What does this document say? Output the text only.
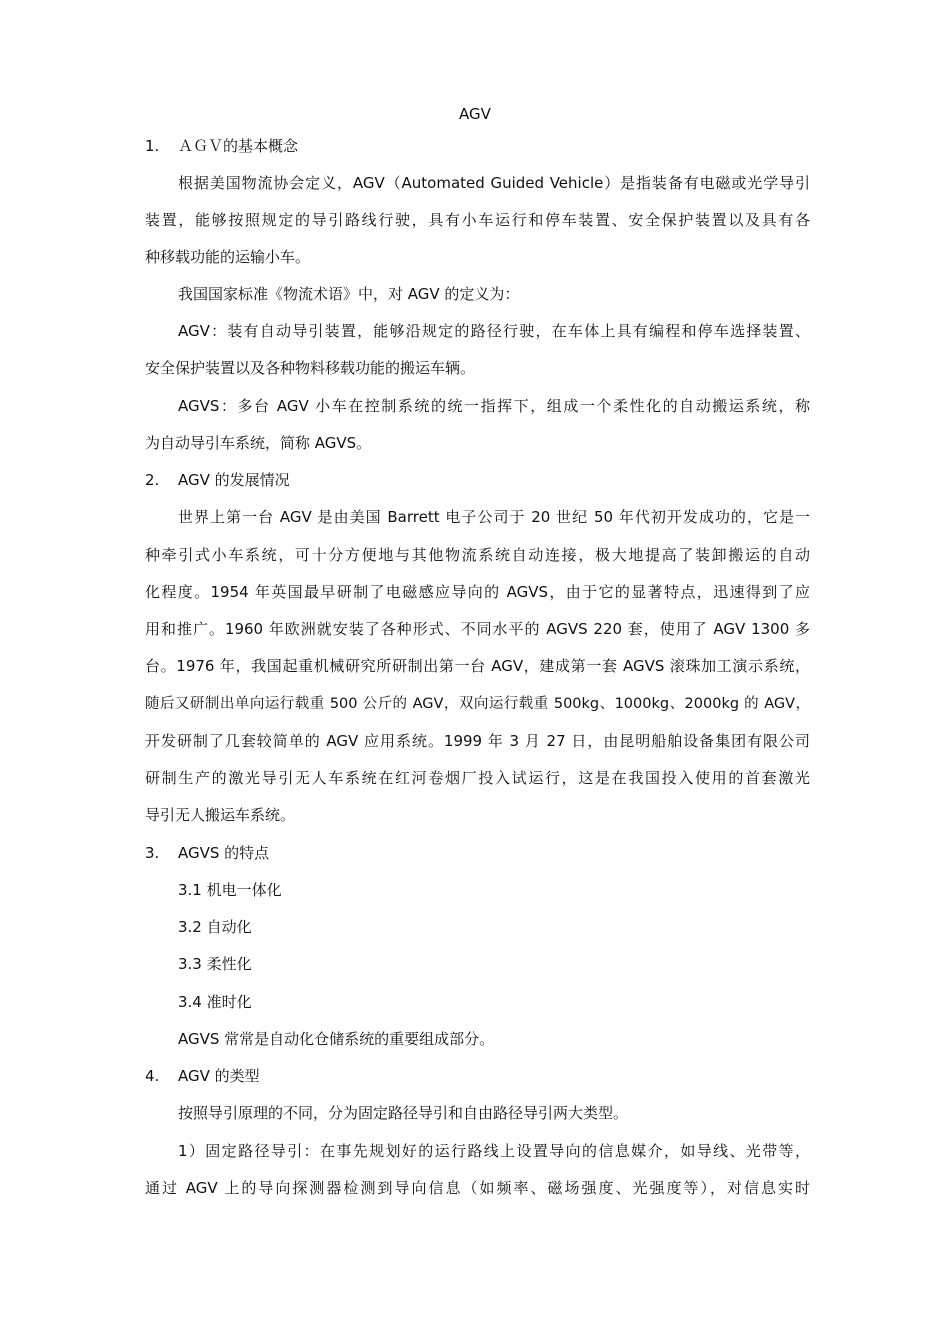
AGV
1. ＡＧＶ的基本概念
根据美国物流协会定义，AGV（Automated Guided Vehicle）是指装备有电磁或光学导引
装置，能够按照规定的导引路线行驶，具有小车运行和停车装置、安全保护装置以及具有各
种移载功能的运输小车。
我国国家标准《物流术语》中，对 AGV 的定义为：
AGV：装有自动导引装置，能够沿规定的路径行驶，在车体上具有编程和停车选择装置、
安全保护装置以及各种物料移载功能的搬运车辆。
AGVS：多台 AGV 小车在控制系统的统一指挥下，组成一个柔性化的自动搬运系统，称
为自动导引车系统，简称 AGVS。
2. AGV 的发展情况
世界上第一台 AGV 是由美国 Barrett 电子公司于 20 世纪 50 年代初开发成功的，它是一
种牵引式小车系统，可十分方便地与其他物流系统自动连接，极大地提高了装卸搬运的自动
化程度。1954 年英国最早研制了电磁感应导向的 AGVS，由于它的显著特点，迅速得到了应
用和推广。1960 年欧洲就安装了各种形式、不同水平的 AGVS 220 套，使用了 AGV 1300 多
台。1976 年，我国起重机械研究所研制出第一台 AGV，建成第一套 AGVS 滚珠加工演示系统，
随后又研制出单向运行载重 500 公斤的 AGV，双向运行载重 500kg、1000kg、2000kg 的 AGV，
开发研制了几套较简单的 AGV 应用系统。1999 年 3 月 27 日，由昆明船舶设备集团有限公司
研制生产的激光导引无人车系统在红河卷烟厂投入试运行，这是在我国投入使用的首套激光
导引无人搬运车系统。
3. AGVS 的特点
3.1 机电一体化
3.2 自动化
3.3 柔性化
3.4 准时化
AGVS 常常是自动化仓储系统的重要组成部分。
4. AGV 的类型
按照导引原理的不同，分为固定路径导引和自由路径导引两大类型。
1）固定路径导引：在事先规划好的运行路线上设置导向的信息媒介，如导线、光带等，
通过 AGV 上的导向探测器检测到导向信息（如频率、磁场强度、光强度等），对信息实时
